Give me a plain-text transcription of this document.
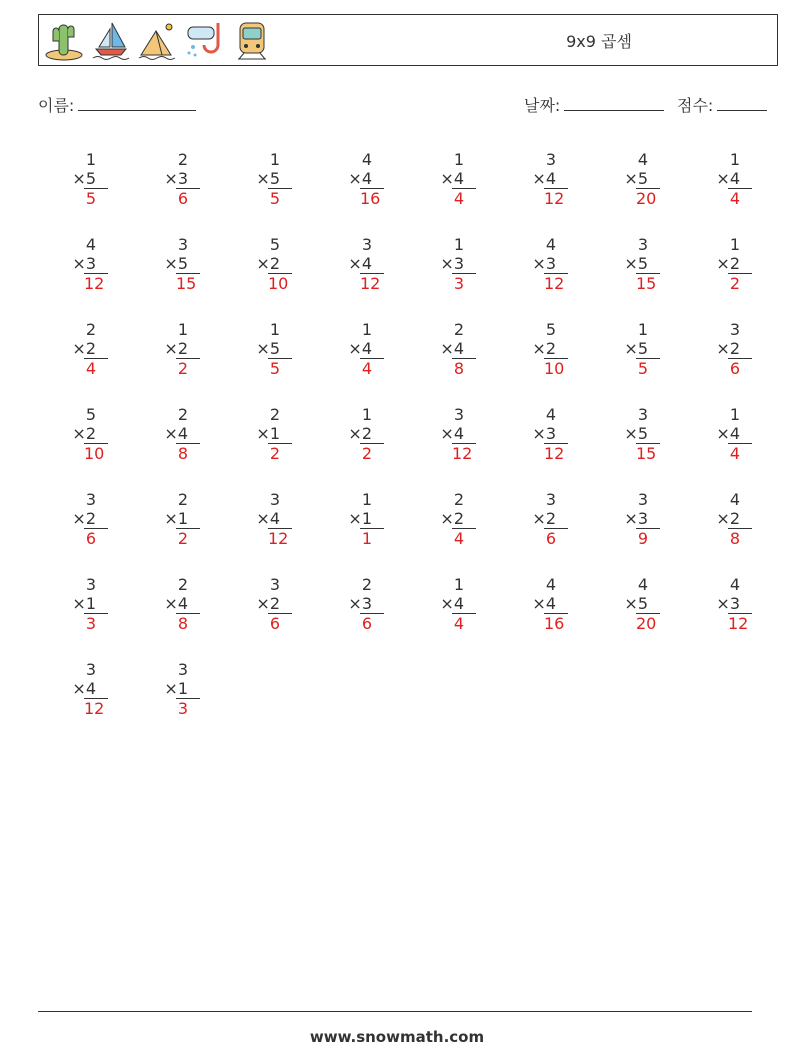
9x9 곱셈
이름:	날짜:	점수:
1
×5
5
2
×3
6
1
×5
5
4
×4
16
1
×4
4
3
×4
12
4
×5
20
1
×4
4
4
×3
12
3
×5
15
5
×2
10
3
×4
12
1
×3
3
4
×3
12
3
×5
15
1
×2
2
2
×2
4
1
×2
2
1
×5
5
1
×4
4
2
×4
8
5
×2
10
1
×5
5
3
×2
6
5
×2
10
2
×4
8
2
×1
2
1
×2
2
3
×4
12
4
×3
12
3
×5
15
1
×4
4
3
×2
6
2
×1
2
3
×4
12
1
×1
1
2
×2
4
3
×2
6
3
×3
9
4
×2
8
3
×1
3
2
×4
8
3
×2
6
2
×3
6
1
×4
4
4
×4
16
4
×5
20
4
×3
12
3
×4
12
3
×1
3
www.snowmath.com
